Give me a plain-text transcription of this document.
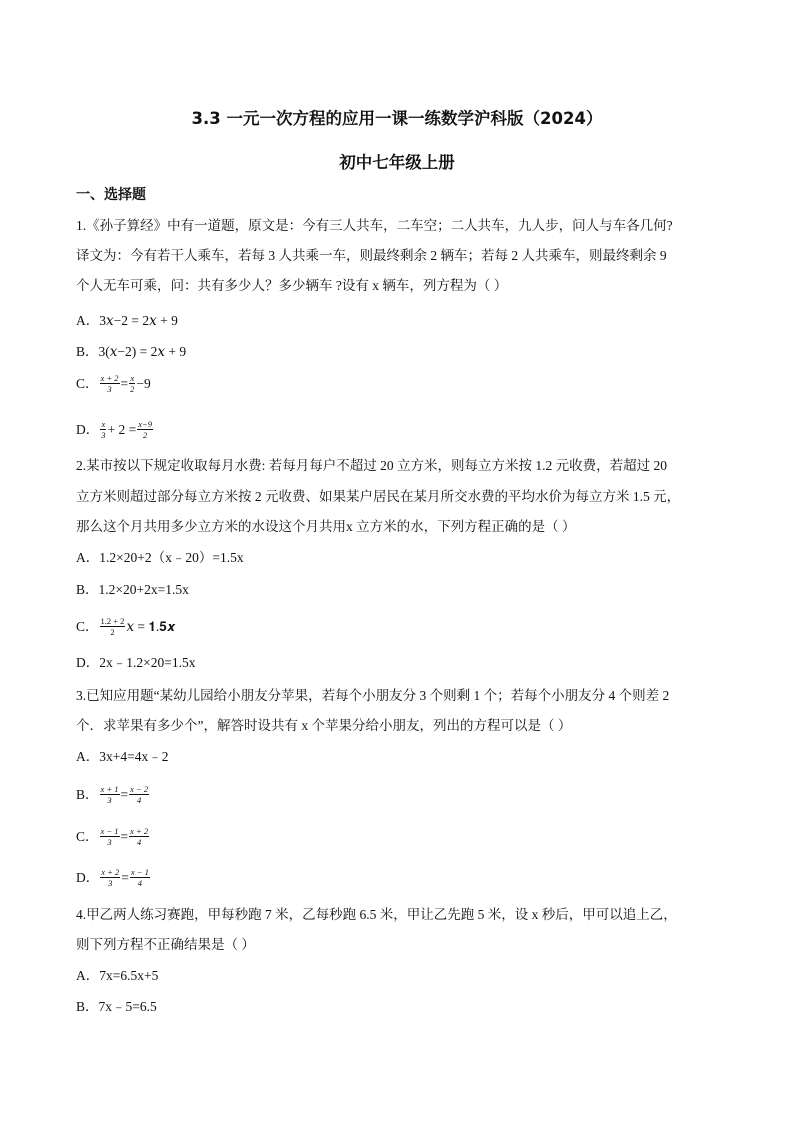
3.3 一元一次方程的应用一课一练数学沪科版（2024）
初中七年级上册
一、选择题
1.《孙子算经》中有一道题，原文是：今有三人共车，二车空；二人共车，九人步，问人与车各几何?
译文为：今有若干人乘车，若每 3 人共乘一车，则最终剩余 2 辆车；若每 2 人共乘车，则最终剩余 9
个人无车可乘，问：共有多少人？多少辆车 ?设有 x 辆车，列方程为（ ）
A．3𝑥−2 = 2𝑥 + 9
B．3(𝑥−2) = 2𝑥 + 9
C． $\frac{x + 2}{3} = \frac{x}{2} -9$
D． $\frac{x}{3} + 2 = \frac{x-9}{2}$
2.某市按以下规定收取每月水费: 若每月每户不超过 20 立方米，则每立方米按 1.2 元收费，若超过 20
立方米则超过部分每立方米按 2 元收费、如果某户居民在某月所交水费的平均水价为每立方米 1.5 元，
那么这个月共用多少立方米的水设这个月共用x 立方米的水，下列方程正确的是（ ）
A．1.2×20+2（x﹣20）=1.5x
B．1.2×20+2x=1.5x
C． $\frac{1.2 + 2}{2}$ 𝑥 = 𝟏.𝟓𝒙
D．2x﹣1.2×20=1.5x
3.已知应用题“某幼儿园给小朋友分苹果，若每个小朋友分 3 个则剩 1 个；若每个小朋友分 4 个则差 2
个．求苹果有多少个”，解答时设共有 x 个苹果分给小朋友，列出的方程可以是（ ）
A．3x+4=4x﹣2
B． $\frac{x + 1}{3} = \frac{x - 2}{4}$
C． $\frac{x - 1}{3} = \frac{x + 2}{4}$
D． $\frac{x + 2}{3} = \frac{x - 1}{4}$
4.甲乙两人练习赛跑，甲每秒跑 7 米，乙每秒跑 6.5 米，甲让乙先跑 5 米，设 x 秒后，甲可以追上乙，
则下列方程不正确结果是（ ）
A．7x=6.5x+5
B．7x﹣5=6.5
